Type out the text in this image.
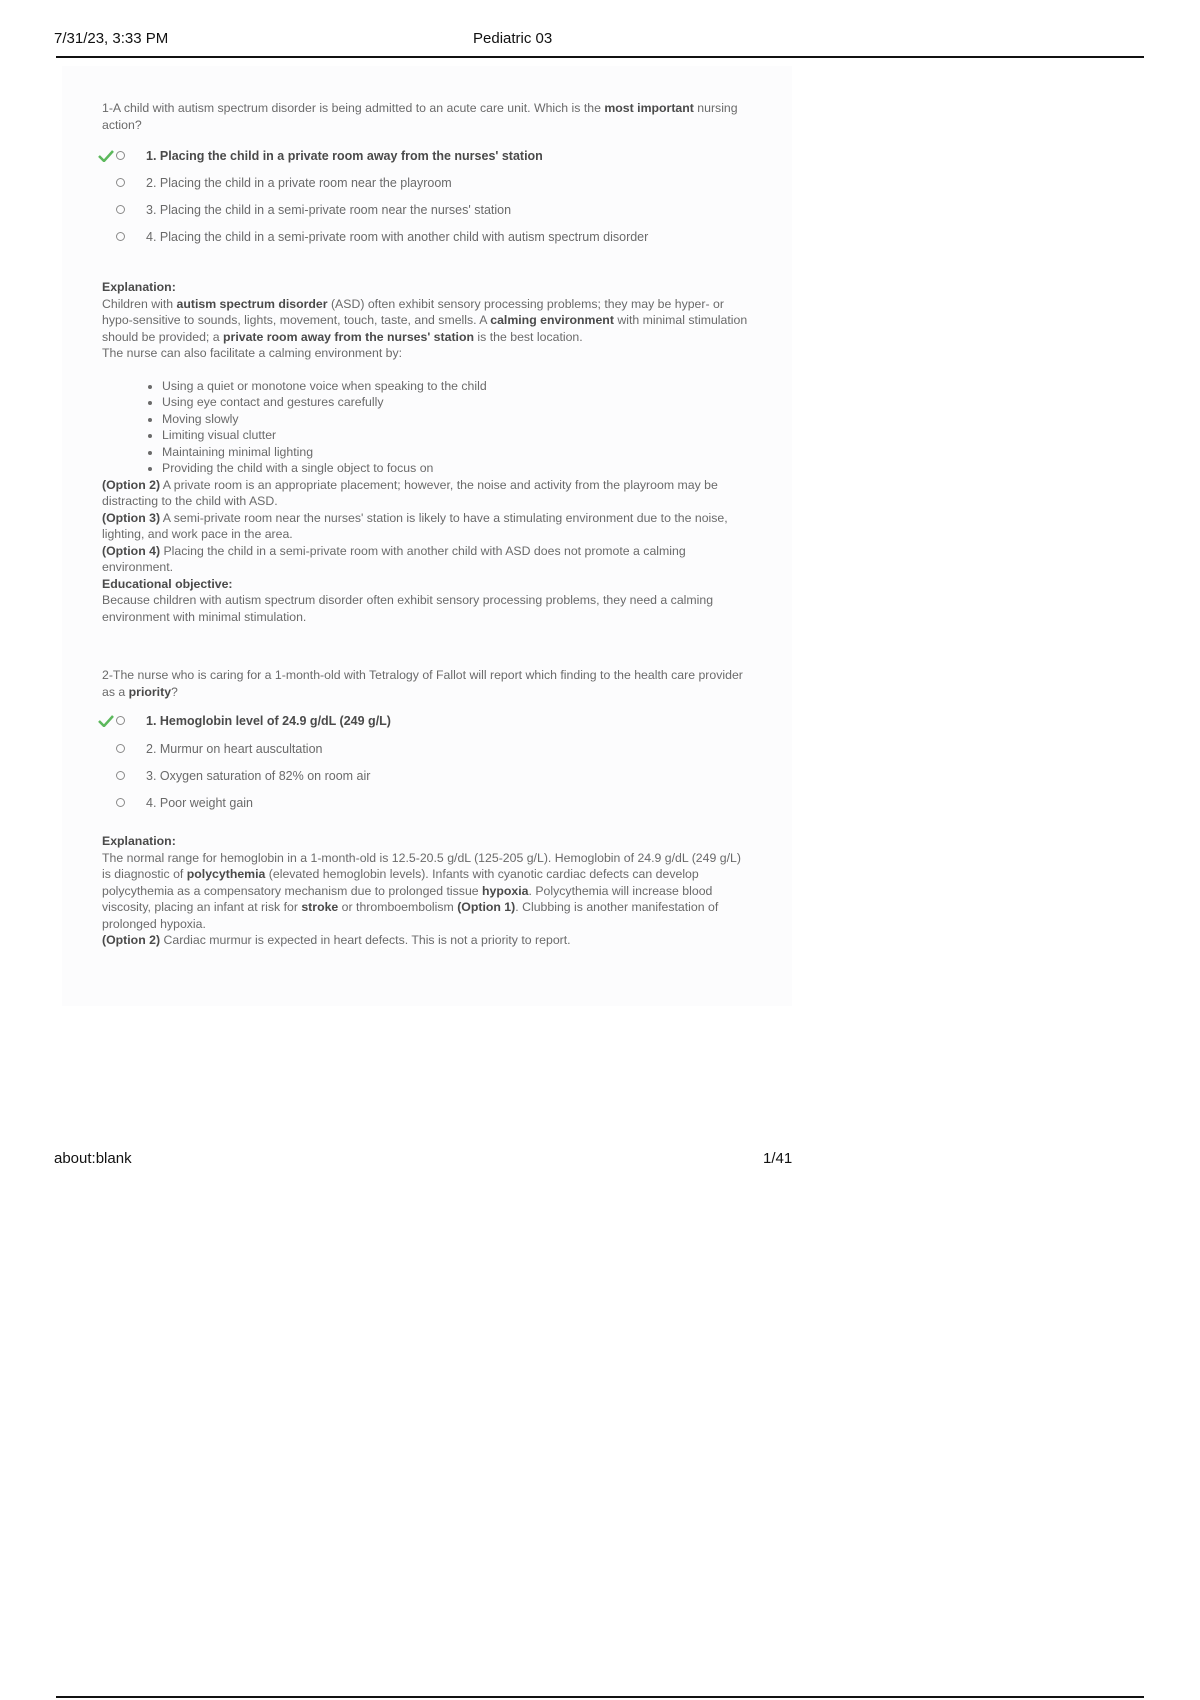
7/31/23, 3:33 PM	Pediatric 03
1-A child with autism spectrum disorder is being admitted to an acute care unit. Which is the most important nursing action?
1. Placing the child in a private room away from the nurses' station
2. Placing the child in a private room near the playroom
3. Placing the child in a semi-private room near the nurses' station
4. Placing the child in a semi-private room with another child with autism spectrum disorder
Explanation:
Children with autism spectrum disorder (ASD) often exhibit sensory processing problems; they may be hyper- or hypo-sensitive to sounds, lights, movement, touch, taste, and smells. A calming environment with minimal stimulation should be provided; a private room away from the nurses' station is the best location.
The nurse can also facilitate a calming environment by:
• Using a quiet or monotone voice when speaking to the child
• Using eye contact and gestures carefully
• Moving slowly
• Limiting visual clutter
• Maintaining minimal lighting
• Providing the child with a single object to focus on
(Option 2) A private room is an appropriate placement; however, the noise and activity from the playroom may be distracting to the child with ASD.
(Option 3) A semi-private room near the nurses' station is likely to have a stimulating environment due to the noise, lighting, and work pace in the area.
(Option 4) Placing the child in a semi-private room with another child with ASD does not promote a calming environment.
Educational objective:
Because children with autism spectrum disorder often exhibit sensory processing problems, they need a calming environment with minimal stimulation.
2-The nurse who is caring for a 1-month-old with Tetralogy of Fallot will report which finding to the health care provider as a priority?
1. Hemoglobin level of 24.9 g/dL (249 g/L)
2. Murmur on heart auscultation
3. Oxygen saturation of 82% on room air
4. Poor weight gain
Explanation:
The normal range for hemoglobin in a 1-month-old is 12.5-20.5 g/dL (125-205 g/L). Hemoglobin of 24.9 g/dL (249 g/L) is diagnostic of polycythemia (elevated hemoglobin levels). Infants with cyanotic cardiac defects can develop polycythemia as a compensatory mechanism due to prolonged tissue hypoxia. Polycythemia will increase blood viscosity, placing an infant at risk for stroke or thromboembolism (Option 1). Clubbing is another manifestation of prolonged hypoxia.
(Option 2) Cardiac murmur is expected in heart defects. This is not a priority to report.
about:blank	1/41
